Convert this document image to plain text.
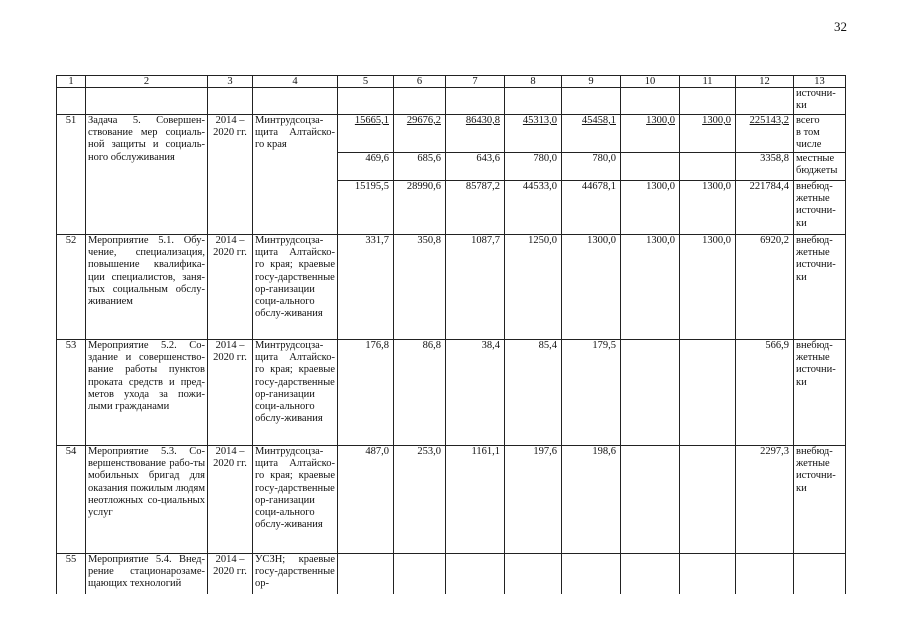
32
1	2	3	4	5	6	7	8	9	10	11	12	13
												источни-ки
51	Задача 5. Совершен-ствование мер социаль-ной защиты и социаль-ного обслуживания	2014 – 2020 гг.	Минтрудсоцза-щита Алтайско-го края	15665,1	29676,2	86430,8	45313,0	45458,1	1300,0	1300,0	225143,2	всего
в том числе

				469,6	685,6	643,6	780,0	780,0			3358,8	местные бюджеты
				15195,5	28990,6	85787,2	44533,0	44678,1	1300,0	1300,0	221784,4	внебюд-жетные источни-ки
52	Мероприятие 5.1. Обу-чение, специализация, повышение квалифика-ции специалистов, заня-тых социальным обслу-живанием	2014 – 2020 гг.	Минтрудсоцза-щита Алтайско-го края; краевые госу-дарственные ор-ганизации соци-ального обслу-живания	331,7	350,8	1087,7	1250,0	1300,0	1300,0	1300,0	6920,2	внебюд-жетные источни-ки
53	Мероприятие 5.2. Со-здание и совершенство-вание работы пунктов проката средств и пред-метов ухода за пожи-лыми гражданами	2014 – 2020 гг.	Минтрудсоцза-щита Алтайско-го края; краевые госу-дарственные ор-ганизации соци-ального обслу-живания	176,8	86,8	38,4	85,4	179,5			566,9	внебюд-жетные источни-ки
54	Мероприятие 5.3. Со-вершенствование рабо-ты мобильных бригад для оказания пожилым людям неотложных со-циальных услуг	2014 – 2020 гг.	Минтрудсоцза-щита Алтайско-го края; краевые госу-дарственные ор-ганизации соци-ального обслу-живания	487,0	253,0	1161,1	197,6	198,6			2297,3	внебюд-жетные источни-ки
55	Мероприятие 5.4. Внед-рение стационарозаме-щающих технологий	2014 – 2020 гг.	УСЗН; краевые госу-дарственные ор-									
